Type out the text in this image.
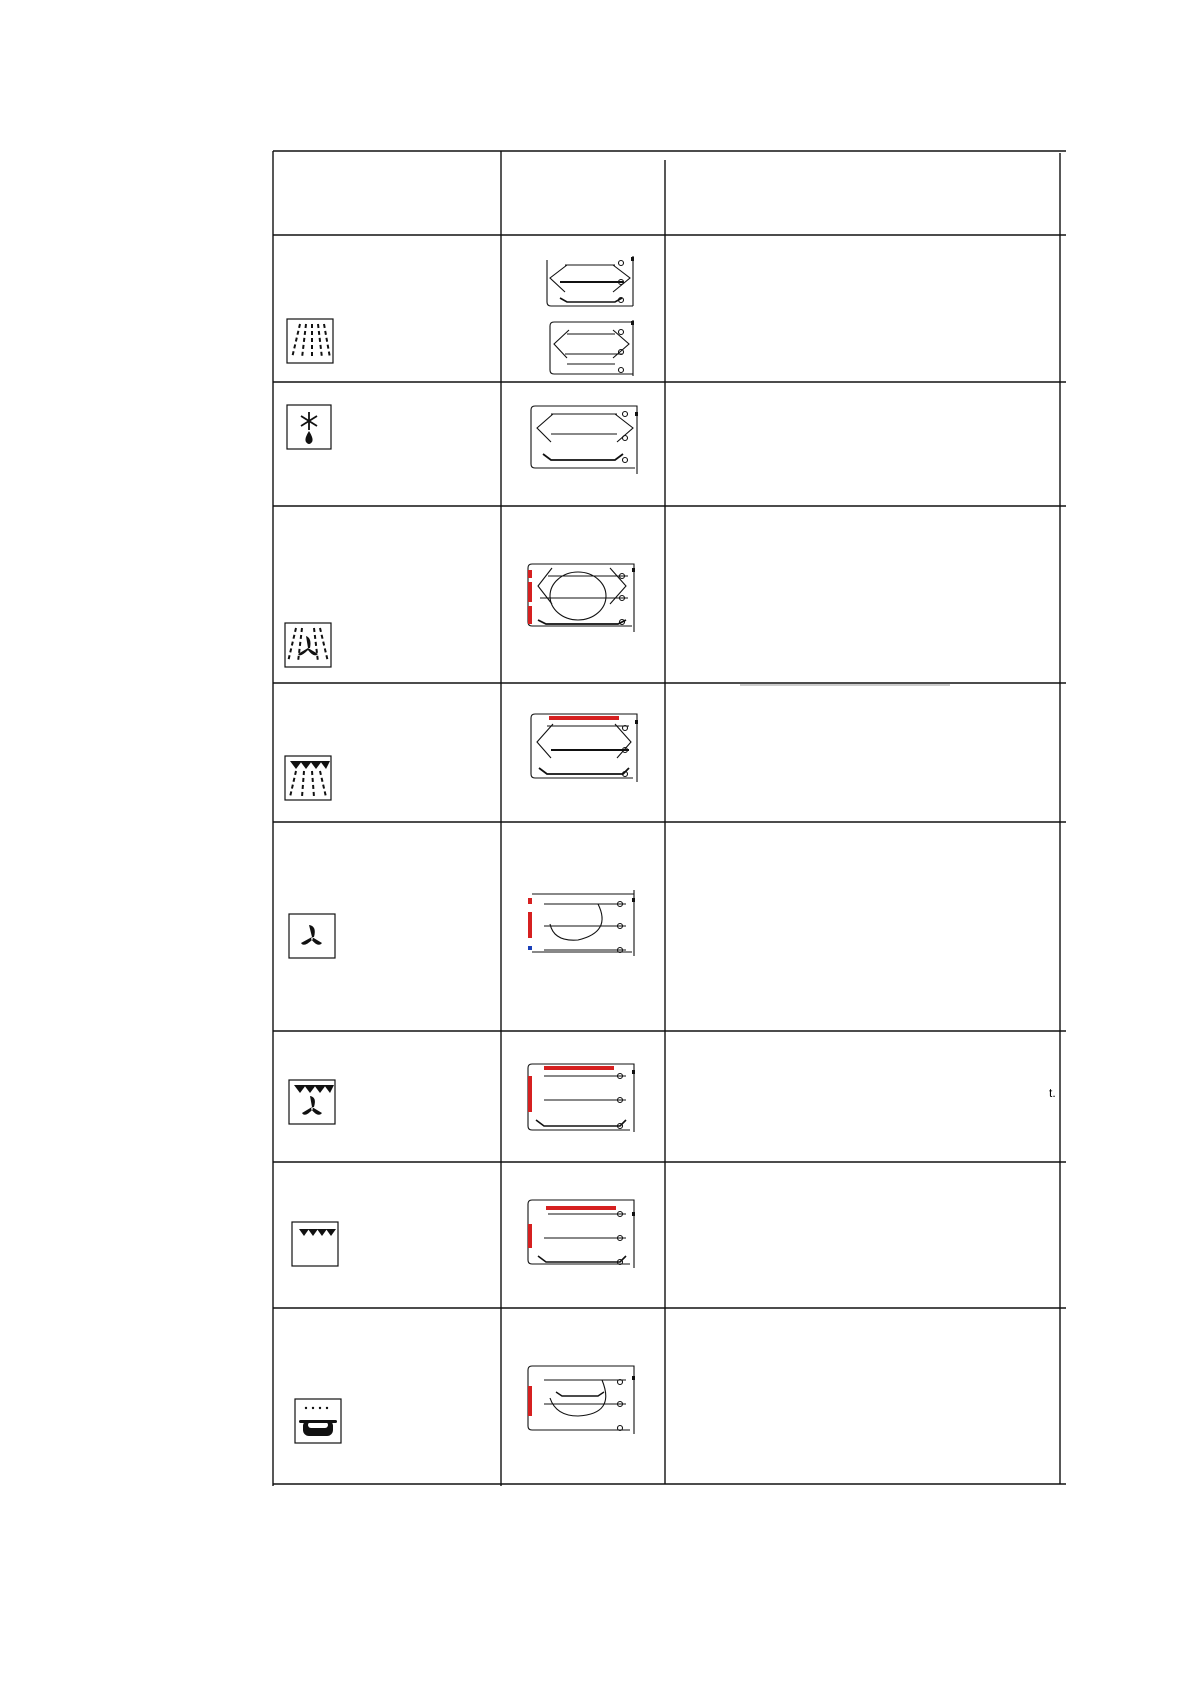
t.
